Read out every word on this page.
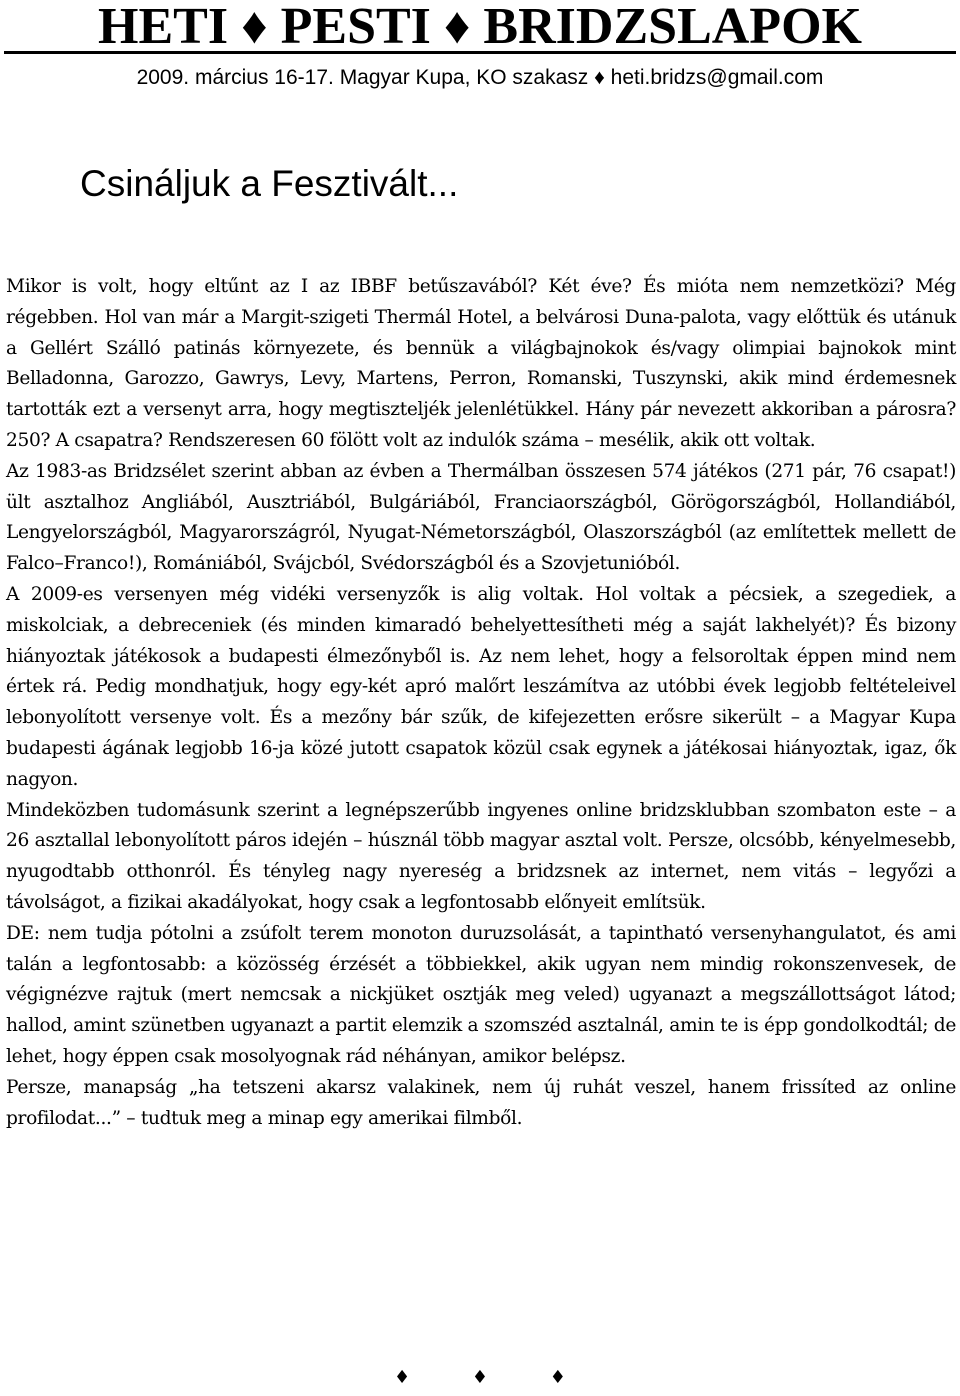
HETI ♦ PESTI ♦ BRIDZSLAPOK
2009. március 16-17. Magyar Kupa, KO szakasz ♦ heti.bridzs@gmail.com
Csináljuk a Fesztivált...

Mikor is volt, hogy eltűnt az I az IBBF betűszavából? Két éve? És mióta nem nemzetközi? Még régebben. Hol van már a Margit-szigeti Thermál Hotel, a belvárosi Duna-palota, vagy előttük és utánuk a Gellért Szálló patinás környezete, és bennük a világbajnokok és/vagy olimpiai bajnokok mint Belladonna, Garozzo, Gawrys, Levy, Martens, Perron, Romanski, Tuszynski, akik mind érdemesnek tartották ezt a versenyt arra, hogy megtiszteljék jelenlétükkel. Hány pár nevezett akkoriban a párosra? 250? A csapatra? Rendszeresen 60 fölött volt az indulók száma – mesélik, akik ott voltak.

Az 1983-as Bridzsélet szerint abban az évben a Thermálban összesen 574 játékos (271 pár, 76 csapat!) ült asztalhoz Angliából, Ausztriából, Bulgáriából, Franciaországból, Görögországból, Hollandiából, Lengyelországból, Magyarországról, Nyugat-Németországból, Olaszországból (az említettek mellett de Falco–Franco!), Romániából, Svájcból, Svédországból és a Szovjetunióból.

A 2009-es versenyen még vidéki versenyzők is alig voltak. Hol voltak a pécsiek, a szegediek, a miskolciak, a debreceniek (és minden kimaradó behelyettesítheti még a saját lakhelyét)? És bizony hiányoztak játékosok a budapesti élmezőnyből is. Az nem lehet, hogy a felsoroltak éppen mind nem értek rá. Pedig mondhatjuk, hogy egy-két apró malőrt leszámítva az utóbbi évek legjobb feltételeivel lebonyolított versenye volt. És a mezőny bár szűk, de kifejezetten erősre sikerült – a Magyar Kupa budapesti ágának legjobb 16-ja közé jutott csapatok közül csak egynek a játékosai hiányoztak, igaz, ők nagyon.

Mindeközben tudomásunk szerint a legnépszerűbb ingyenes online bridzsklubban szombaton este – a 26 asztallal lebonyolított páros idején – húsznál több magyar asztal volt. Persze, olcsóbb, kényelmesebb, nyugodtabb otthonról. És tényleg nagy nyereség a bridzsnek az internet, nem vitás – legyőzi a távolságot, a fizikai akadályokat, hogy csak a legfontosabb előnyeit említsük.

DE: nem tudja pótolni a zsúfolt terem monoton duruzsolását, a tapintható versenyhangulatot, és ami talán a legfontosabb: a közösség érzését a többiekkel, akik ugyan nem mindig rokonszenvesek, de végignézve rajtuk (mert nemcsak a nickjüket osztják meg veled) ugyanazt a megszállottságot látod; hallod, amint szünetben ugyanazt a partit elemzik a szomszéd asztalnál, amin te is épp gondolkodtál; de lehet, hogy éppen csak mosolyognak rád néhányan, amikor belépsz.

Persze, manapság „ha tetszeni akarsz valakinek, nem új ruhát veszel, hanem frissíted az online profilodat...” – tudtuk meg a minap egy amerikai filmből.

♦	♦	♦
